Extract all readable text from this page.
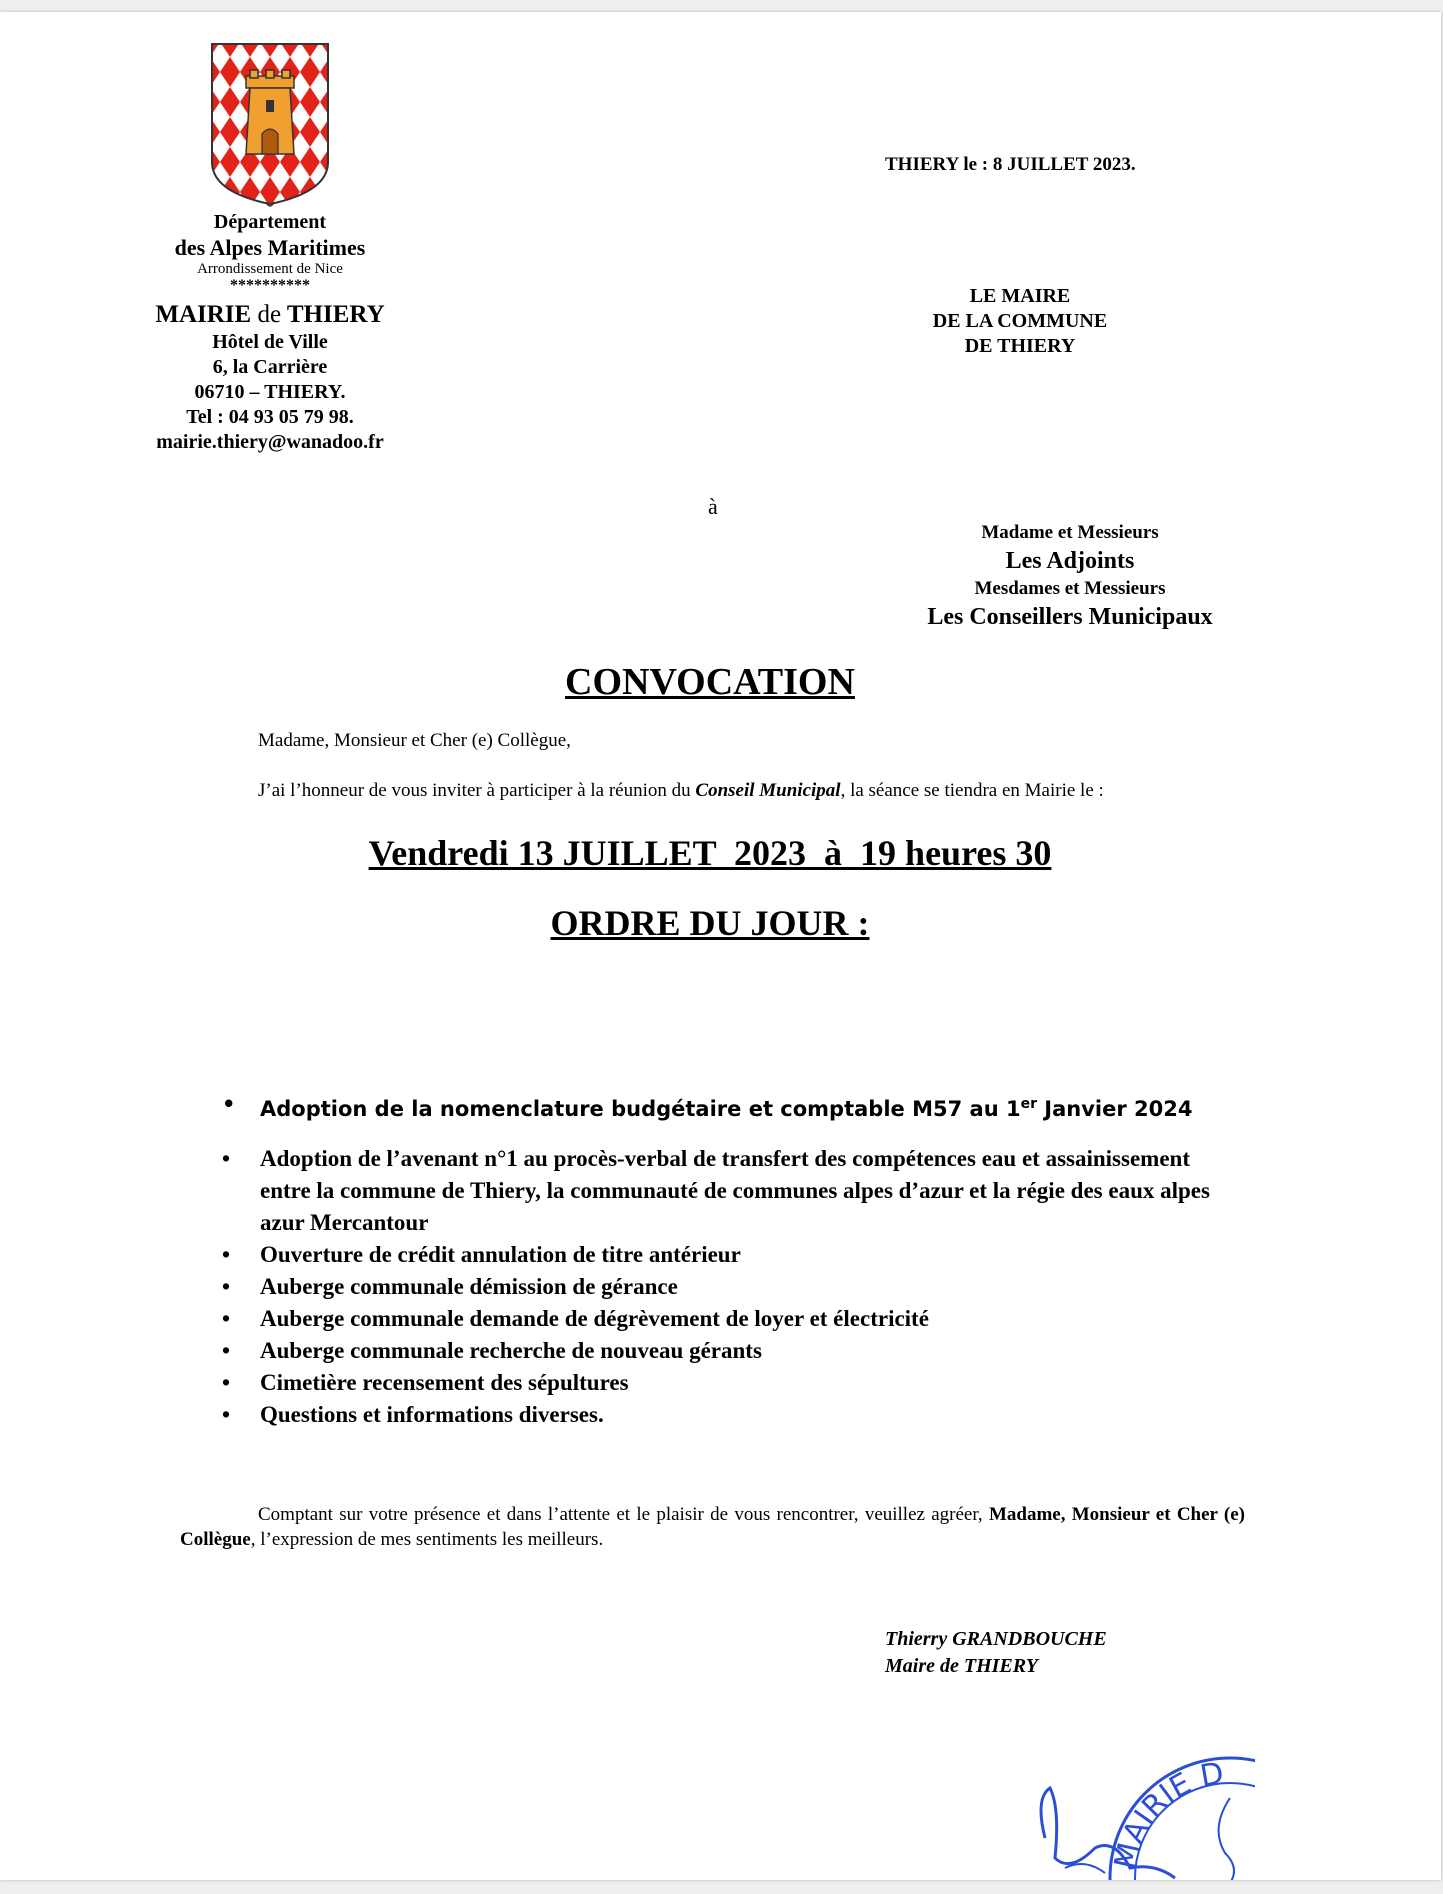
Département
des Alpes Maritimes
Arrondissement de Nice
**********
MAIRIE de THIERY
Hôtel de Ville
6, la Carrière
06710 – THIERY.
Tel : 04 93 05 79 98.
mairie.thiery@wanadoo.fr
THIERY le : 8 JUILLET 2023.
LE MAIRE
DE LA COMMUNE
DE THIERY
à
Madame et Messieurs
Les Adjoints
Mesdames et Messieurs
Les Conseillers Municipaux
CONVOCATION
Madame, Monsieur et Cher (e) Collègue,
J’ai l’honneur de vous inviter à participer à la réunion du Conseil Municipal, la séance se tiendra en Mairie le :
Vendredi 13 JUILLET  2023  à  19 heures 30
ORDRE DU JOUR :
• Adoption de la nomenclature budgétaire et comptable M57 au 1er Janvier 2024
• Adoption de l’avenant n°1 au procès-verbal de transfert des compétences eau et assainissement entre la commune de Thiery, la communauté de communes alpes d’azur et la régie des eaux alpes azur Mercantour
• Ouverture de crédit annulation de titre antérieur
• Auberge communale démission de gérance
• Auberge communale demande de dégrèvement de loyer et électricité
• Auberge communale recherche de nouveau gérants
• Cimetière recensement des sépultures
• Questions et informations diverses.
Comptant sur votre présence et dans l’attente et le plaisir de vous rencontrer, veuillez agréer, Madame, Monsieur et Cher (e) Collègue, l’expression de mes sentiments les meilleurs.
Thierry GRANDBOUCHE
Maire de THIERY
MAIRIE D
